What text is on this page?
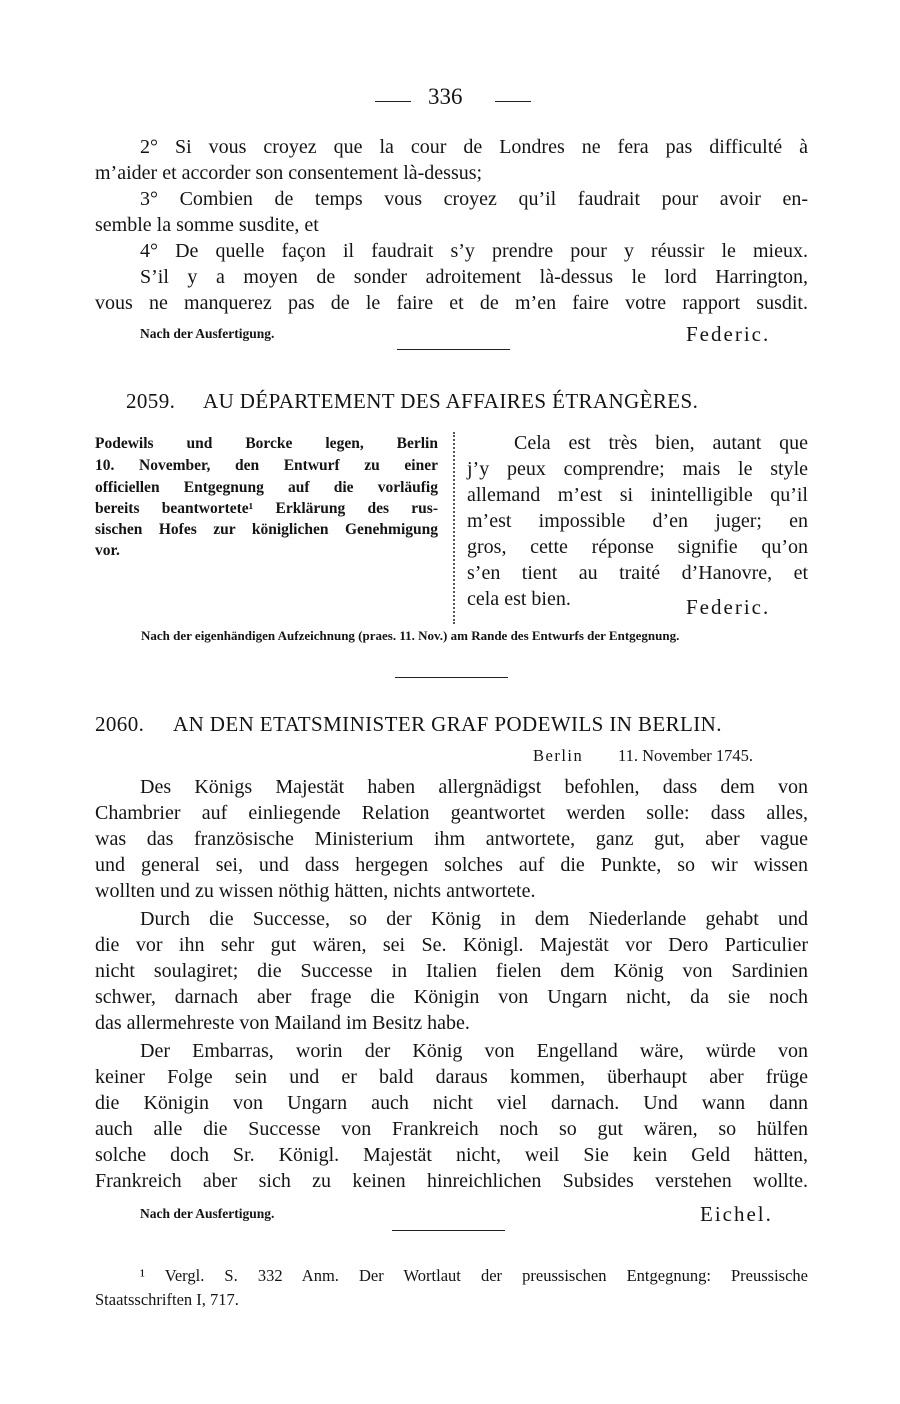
336
2° Si vous croyez que la cour de Londres ne fera pas difficulté à
m’aider et accorder son consentement là-dessus;
3° Combien de temps vous croyez qu’il faudrait pour avoir en-
semble la somme susdite, et
4° De quelle façon il faudrait s’y prendre pour y réussir le mieux.
S’il y a moyen de sonder adroitement là-dessus le lord Harrington,
vous ne manquerez pas de le faire et de m’en faire votre rapport susdit.
Nach der Ausfertigung.	Federic.
2059. AU DÉPARTEMENT DES AFFAIRES ÉTRANGÈRES.
Podewils und Borcke legen, Berlin
10. November, den Entwurf zu einer
officiellen Entgegnung auf die vorläufig
bereits beantwortete¹ Erklärung des rus-
sischen Hofes zur königlichen Genehmigung
vor.
Cela est très bien, autant que
j’y peux comprendre; mais le style
allemand m’est si inintelligible qu’il
m’est impossible d’en juger; en
gros, cette réponse signifie qu’on
s’en tient au traité d’Hanovre, et
cela est bien.	Federic.
Nach der eigenhändigen Aufzeichnung (praes. 11. Nov.) am Rande des Entwurfs der Entgegnung.
2060. AN DEN ETATSMINISTER GRAF PODEWILS IN BERLIN.
Berlin 11. November 1745.
Des Königs Majestät haben allergnädigst befohlen, dass dem von
Chambrier auf einliegende Relation geantwortet werden solle: dass alles,
was das französische Ministerium ihm antwortete, ganz gut, aber vague
und general sei, und dass hergegen solches auf die Punkte, so wir wissen
wollten und zu wissen nöthig hätten, nichts antwortete.
Durch die Successe, so der König in dem Niederlande gehabt und
die vor ihn sehr gut wären, sei Se. Königl. Majestät vor Dero Particulier
nicht soulagiret; die Successe in Italien fielen dem König von Sardinien
schwer, darnach aber frage die Königin von Ungarn nicht, da sie noch
das allermehreste von Mailand im Besitz habe.
Der Embarras, worin der König von Engelland wäre, würde von
keiner Folge sein und er bald daraus kommen, überhaupt aber früge
die Königin von Ungarn auch nicht viel darnach. Und wann dann
auch alle die Successe von Frankreich noch so gut wären, so hülfen
solche doch Sr. Königl. Majestät nicht, weil Sie kein Geld hätten,
Frankreich aber sich zu keinen hinreichlichen Subsides verstehen wollte.
Nach der Ausfertigung.	Eichel.
¹ Vergl. S. 332 Anm. Der Wortlaut der preussischen Entgegnung: Preussische
Staatsschriften I, 717.
